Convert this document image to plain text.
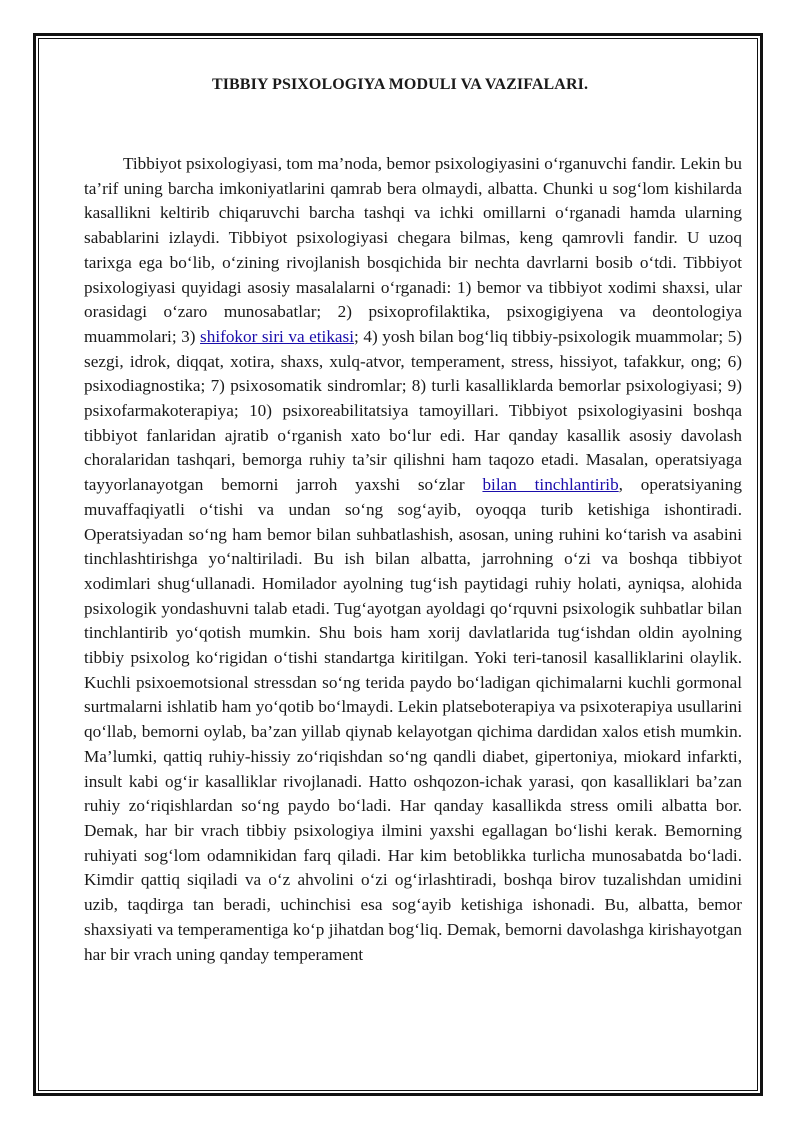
TIBBIY PSIXOLOGIYA MODULI VA VAZIFALARI.

Tibbiyot psixologiyasi, tom ma’noda, bemor psixologiyasini o‘rganuvchi fandir. Lekin bu ta’rif uning barcha imkoniyatlarini qamrab bera olmaydi, albatta. Chunki u sog‘lom kishilarda kasallikni keltirib chiqaruvchi barcha tashqi va ichki omillarni o‘rganadi hamda ularning sabablarini izlaydi. Tibbiyot psixologiyasi chegara bilmas, keng qamrovli fandir. U uzoq tarixga ega bo‘lib, o‘zining rivojlanish bosqichida bir nechta davrlarni bosib o‘tdi. Tibbiyot psixologiyasi quyidagi asosiy masalalarni o‘rganadi: 1) bemor va tibbiyot xodimi shaxsi, ular orasidagi o‘zaro munosabatlar; 2) psixoprofilaktika, psixogigiyena va deontologiya muammolari; 3) shifokor siri va etikasi; 4) yosh bilan bog‘liq tibbiy-psixologik muammolar; 5) sezgi, idrok, diqqat, xotira, shaxs, xulq-atvor, temperament, stress, hissiyot, tafakkur, ong; 6) psixodiagnostika; 7) psixosomatik sindromlar; 8) turli kasalliklarda bemorlar psixologiyasi; 9) psixofarmakoterapiya; 10) psixoreabilitatsiya tamoyillari. Tibbiyot psixologiyasini boshqa tibbiyot fanlaridan ajratib o‘rganish xato bo‘lur edi. Har qanday kasallik asosiy davolash choralaridan tashqari, bemorga ruhiy ta’sir qilishni ham taqozo etadi. Masalan, operatsiyaga tayyorlanayotgan bemorni jarroh yaxshi so‘zlar bilan tinchlantirib, operatsiyaning muvaffaqiyatli o‘tishi va undan so‘ng sog‘ayib, oyoqqa turib ketishiga ishontiradi. Operatsiyadan so‘ng ham bemor bilan suhbatlashish, asosan, uning ruhini ko‘tarish va asabini tinchlashtirishga yo‘naltiriladi. Bu ish bilan albatta, jarrohning o‘zi va boshqa tibbiyot xodimlari shug‘ullanadi. Homilador ayolning tug‘ish paytidagi ruhiy holati, ayniqsa, alohida psixologik yondashuvni talab etadi. Tug‘ayotgan ayoldagi qo‘rquvni psixologik suhbatlar bilan tinchlantirib yo‘qotish mumkin. Shu bois ham xorij davlatlarida tug‘ishdan oldin ayolning tibbiy psixolog ko‘rigidan o‘tishi standartga kiritilgan. Yoki teri-tanosil kasalliklarini olaylik. Kuchli psixoemotsional stressdan so‘ng terida paydo bo‘ladigan qichimalarni kuchli gormonal surtmalarni ishlatib ham yo‘qotib bo‘lmaydi. Lekin platseboterapiya va psixoterapiya usullarini qo‘llab, bemorni oylab, ba’zan yillab qiynab kelayotgan qichima dardidan xalos etish mumkin. Ma’lumki, qattiq ruhiy-hissiy zo‘riqishdan so‘ng qandli diabet, gipertoniya, miokard infarkti, insult kabi og‘ir kasalliklar rivojlanadi. Hatto oshqozon-ichak yarasi, qon kasalliklari ba’zan ruhiy zo‘riqishlardan so‘ng paydo bo‘ladi. Har qanday kasallikda stress omili albatta bor. Demak, har bir vrach tibbiy psixologiya ilmini yaxshi egallagan bo‘lishi kerak. Bemorning ruhiyati sog‘lom odamnikidan farq qiladi. Har kim betoblikka turlicha munosabatda bo‘ladi. Kimdir qattiq siqiladi va o‘z ahvolini o‘zi og‘irlashtiradi, boshqa birov tuzalishdan umidini uzib, taqdirga tan beradi, uchinchisi esa sog‘ayib ketishiga ishonadi. Bu, albatta, bemor shaxsiyati va temperamentiga ko‘p jihatdan bog‘liq. Demak, bemorni davolashga kirishayotgan har bir vrach uning qanday temperament
